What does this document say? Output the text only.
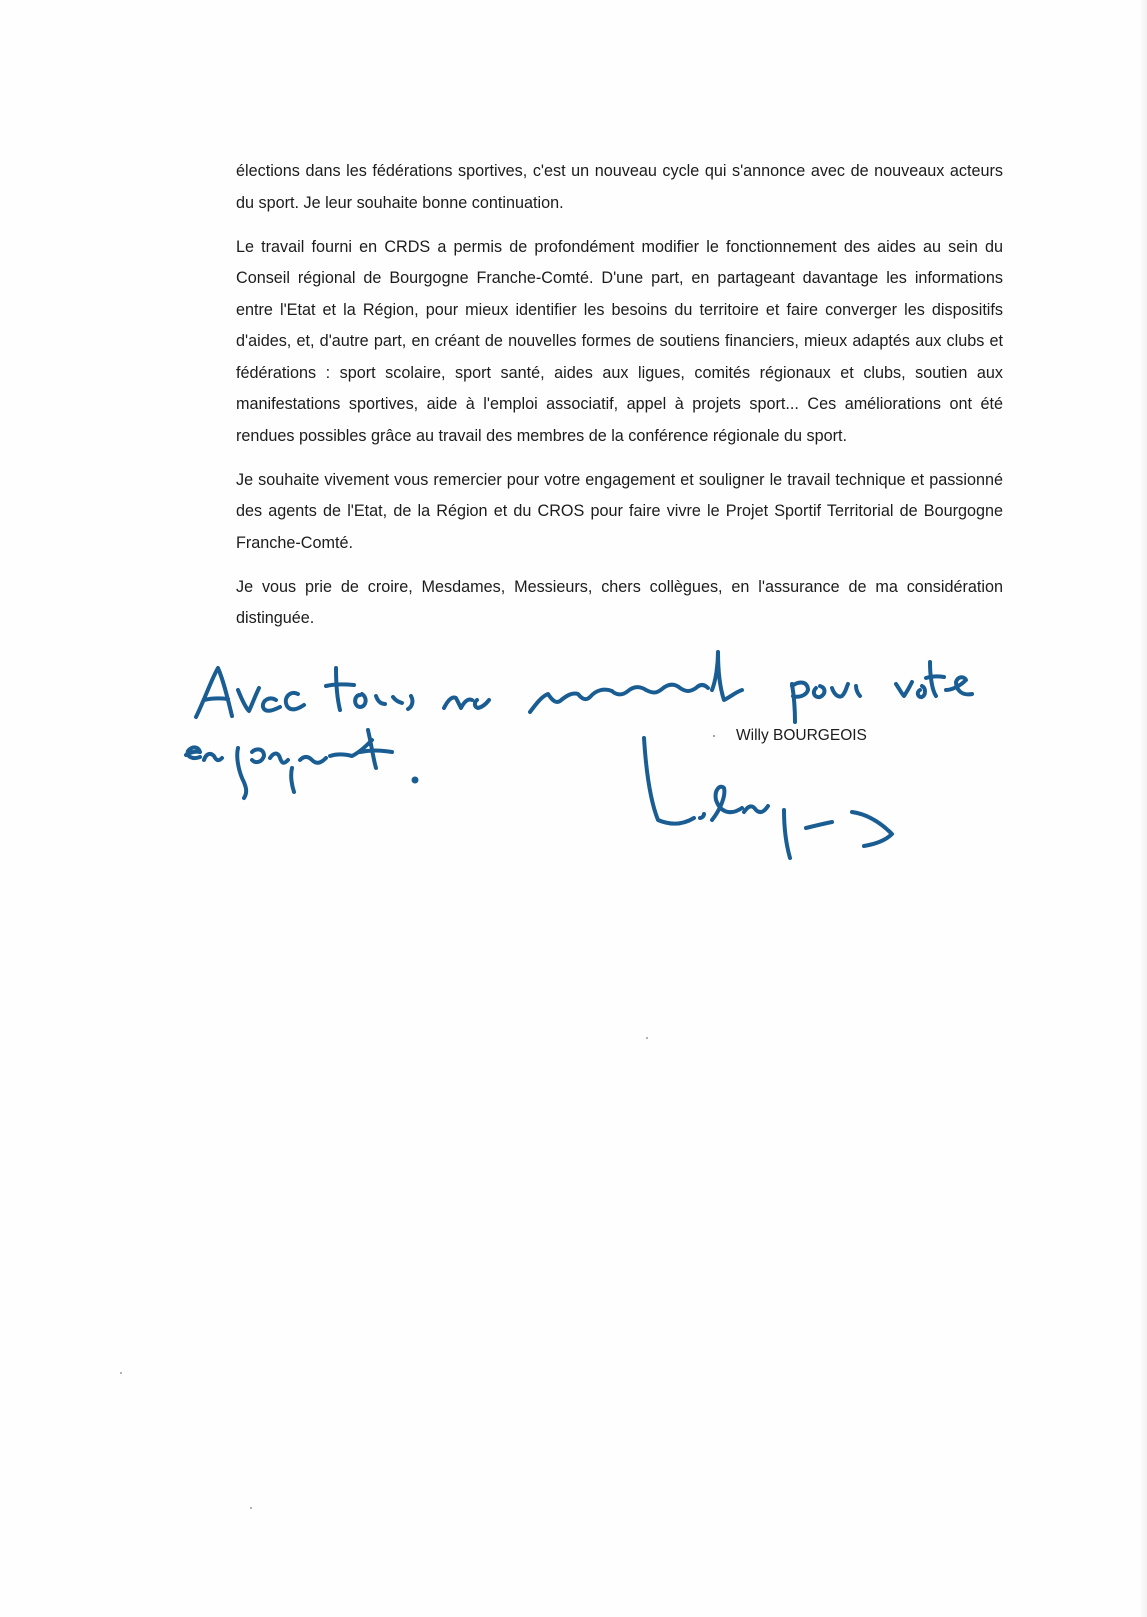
élections dans les fédérations sportives, c'est un nouveau cycle qui s'annonce avec de nouveaux acteurs du sport. Je leur souhaite bonne continuation.

Le travail fourni en CRDS a permis de profondément modifier le fonctionnement des aides au sein du Conseil régional de Bourgogne Franche-Comté. D'une part, en partageant davantage les informations entre l'Etat et la Région, pour mieux identifier les besoins du territoire et faire converger les dispositifs d'aides, et, d'autre part, en créant de nouvelles formes de soutiens financiers, mieux adaptés aux clubs et fédérations : sport scolaire, sport santé, aides aux ligues, comités régionaux et clubs, soutien aux manifestations sportives, aide à l'emploi associatif, appel à projets sport... Ces améliorations ont été rendues possibles grâce au travail des membres de la conférence régionale du sport.

Je souhaite vivement vous remercier pour votre engagement et souligner le travail technique et passionné des agents de l'Etat, de la Région et du CROS pour faire vivre le Projet Sportif Territorial de Bourgogne Franche-Comté.

Je vous prie de croire, Mesdames, Messieurs, chers collègues, en l'assurance de ma considération distinguée.

Willy BOURGEOIS
